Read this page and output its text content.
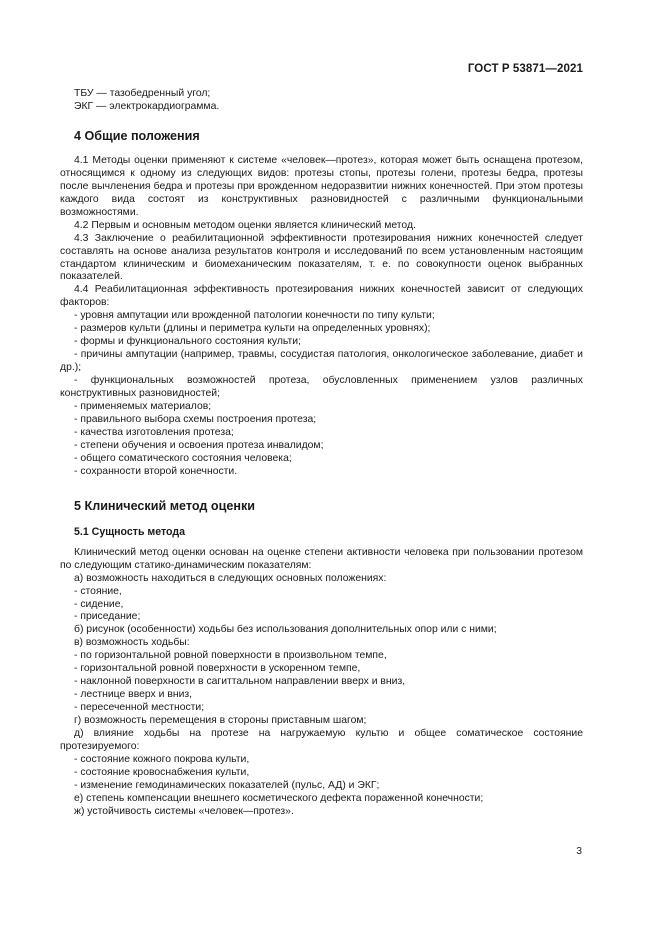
ГОСТ Р 53871—2021

ТБУ — тазобедренный угол;

ЭКГ — электрокардиограмма.

4 Общие положения

4.1 Методы оценки применяют к системе «человек—протез», которая может быть оснащена протезом, относящимся к одному из следующих видов: протезы стопы, протезы голени, протезы бедра, протезы после вычленения бедра и протезы при врожденном недоразвитии нижних конечностей. При этом протезы каждого вида состоят из конструктивных разновидностей с различными функциональными возможностями.

4.2 Первым и основным методом оценки является клинический метод.

4.3 Заключение о реабилитационной эффективности протезирования нижних конечностей следует составлять на основе анализа результатов контроля и исследований по всем установленным настоящим стандартом клиническим и биомеханическим показателям, т. е. по совокупности оценок выбранных показателей.

4.4 Реабилитационная эффективность протезирования нижних конечностей зависит от следующих факторов:

- уровня ампутации или врожденной патологии конечности по типу культи;

- размеров культи (длины и периметра культи на определенных уровнях);

- формы и функционального состояния культи;

- причины ампутации (например, травмы, сосудистая патология, онкологическое заболевание, диабет и др.);

- функциональных возможностей протеза, обусловленных применением узлов различных конструктивных разновидностей;

- применяемых материалов;

- правильного выбора схемы построения протеза;

- качества изготовления протеза;

- степени обучения и освоения протеза инвалидом;

- общего соматического состояния человека;

- сохранности второй конечности.

5 Клинический метод оценки
5.1 Сущность метода

Клинический метод оценки основан на оценке степени активности человека при пользовании протезом по следующим статико-динамическим показателям:

а) возможность находиться в следующих основных положениях:

- стояние,

- сидение,

- приседание;

б) рисунок (особенности) ходьбы без использования дополнительных опор или с ними;

в) возможность ходьбы:

- по горизонтальной ровной поверхности в произвольном темпе,

- горизонтальной ровной поверхности в ускоренном темпе,

- наклонной поверхности в сагиттальном направлении вверх и вниз,

- лестнице вверх и вниз,

- пересеченной местности;

г) возможность перемещения в стороны приставным шагом;

д) влияние ходьбы на протезе на нагружаемую культю и общее соматическое состояние протезируемого:

- состояние кожного покрова культи,

- состояние кровоснабжения культи,

- изменение гемодинамических показателей (пульс, АД) и ЭКГ;

е) степень компенсации внешнего косметического дефекта пораженной конечности;

ж) устойчивость системы «человек—протез».

3
